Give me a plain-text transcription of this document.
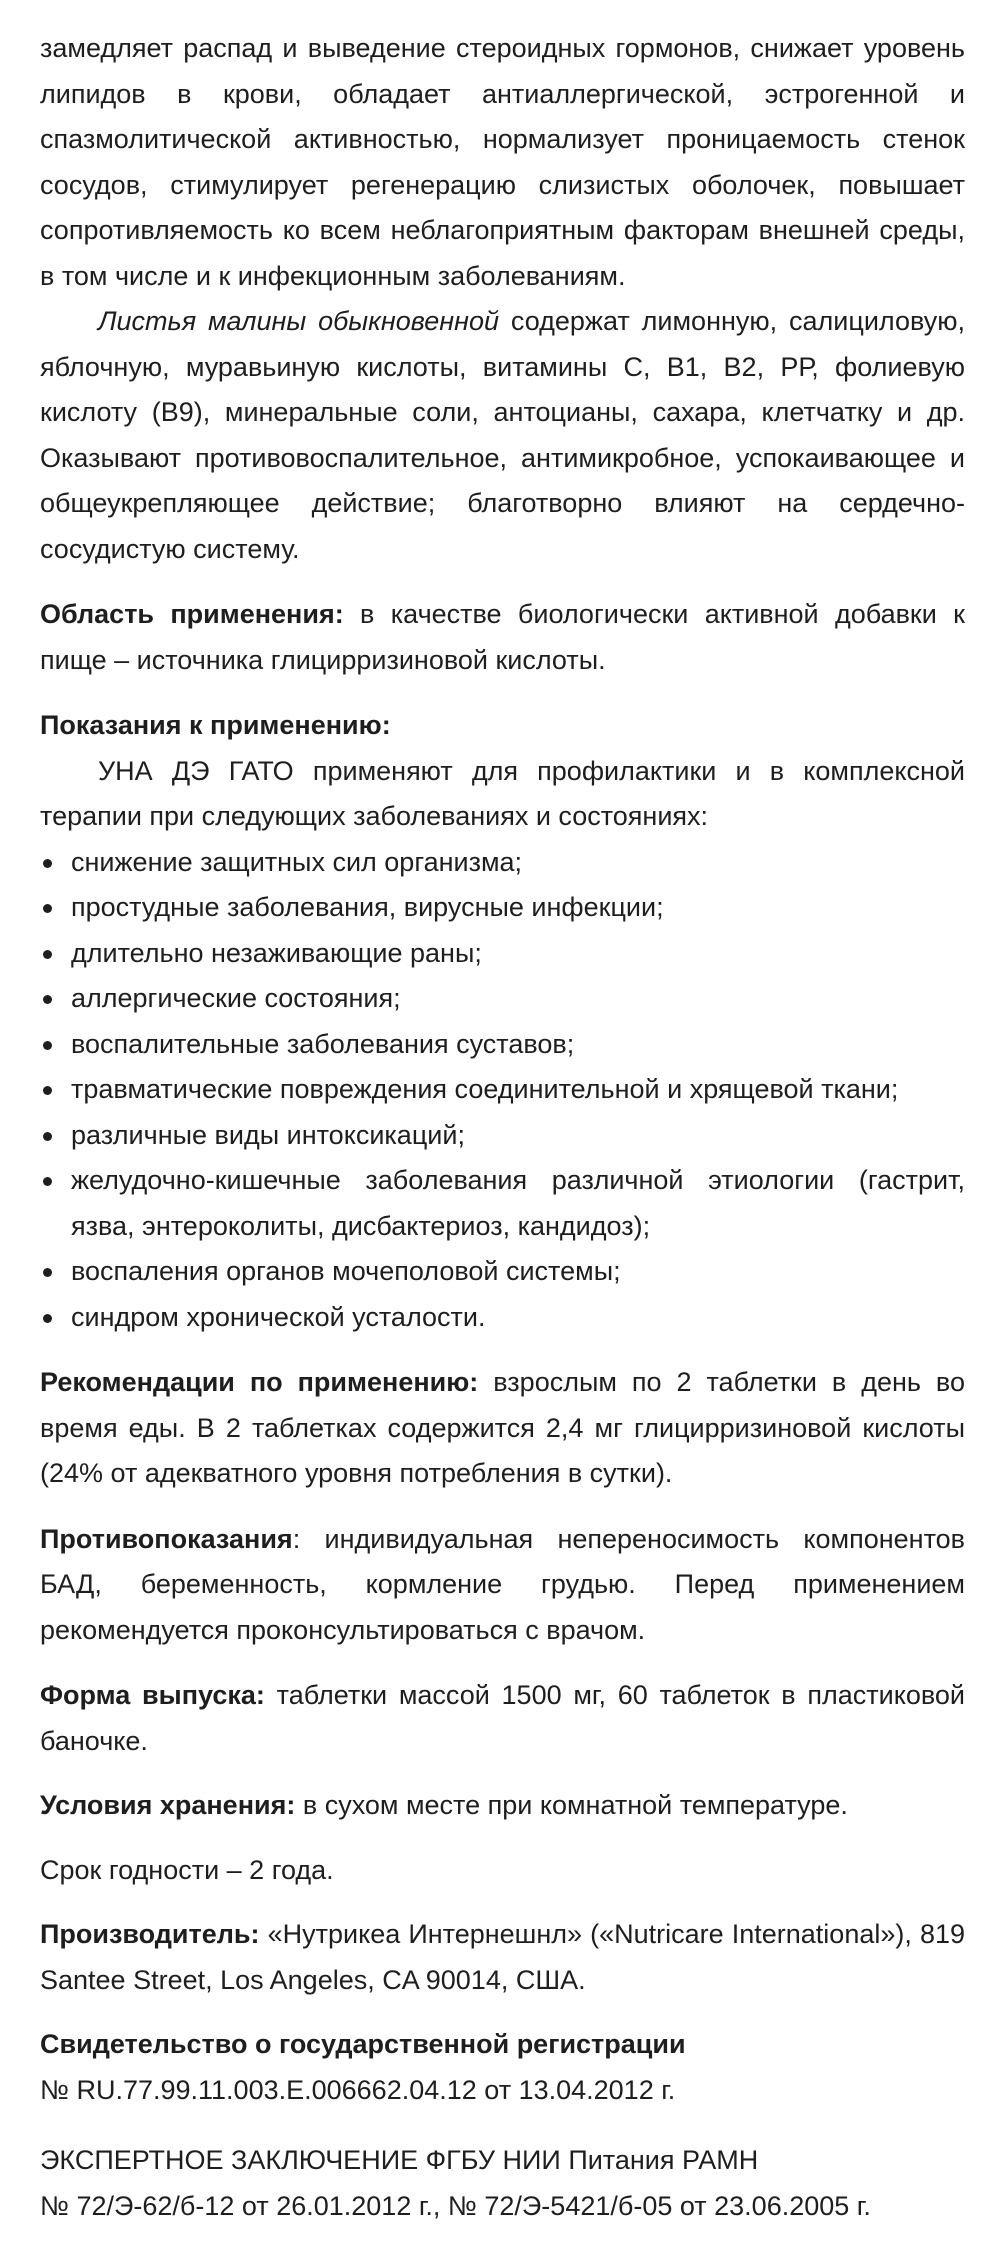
замедляет распад и выведение стероидных гормонов, снижает уровень липидов в крови, обладает антиаллергической, эстрогенной и спазмолитической активностью, нормализует проницаемость стенок сосудов, стимулирует регенерацию слизистых оболочек, повышает сопротивляемость ко всем неблагоприятным факторам внешней среды, в том числе и к инфекционным заболеваниям.

Листья малины обыкновенной содержат лимонную, салициловую, яблочную, муравьиную кислоты, витамины С, В1, В2, РР, фолиевую кислоту (В9), минеральные соли, антоцианы, сахара, клетчатку и др. Оказывают противовоспалительное, антимикробное, успокаивающее и общеукрепляющее действие; благотворно влияют на сердечно-сосудистую систему.

Область применения: в качестве биологически активной добавки к пище – источника глицирризиновой кислоты.

Показания к применению:

УНА ДЭ ГАТО применяют для профилактики и в комплексной терапии при следующих заболеваниях и состояниях:

снижение защитных сил организма;
простудные заболевания, вирусные инфекции;
длительно незаживающие раны;
аллергические состояния;
воспалительные заболевания суставов;
травматические повреждения соединительной и хрящевой ткани;
различные виды интоксикаций;
желудочно-кишечные заболевания различной этиологии (гастрит, язва, энтероколиты, дисбактериоз, кандидоз);
воспаления органов мочеполовой системы;
синдром хронической усталости.

Рекомендации по применению: взрослым по 2 таблетки в день во время еды. В 2 таблетках содержится 2,4 мг глицирризиновой кислоты (24% от адекватного уровня потребления в сутки).

Противопоказания: индивидуальная непереносимость компонентов БАД, беременность, кормление грудью. Перед применением рекомендуется проконсультироваться с врачом.

Форма выпуска: таблетки массой 1500 мг, 60 таблеток в пластиковой баночке.

Условия хранения: в сухом месте при комнатной температуре.

Срок годности – 2 года.

Производитель: «Нутрикеа Интернешнл» («Nutricare International»), 819 Santee Street, Los Angeles, CA 90014, США.

Свидетельство о государственной регистрации

№ RU.77.99.11.003.Е.006662.04.12 от 13.04.2012 г.

ЭКСПЕРТНОЕ ЗАКЛЮЧЕНИЕ ФГБУ НИИ Питания РАМН

№ 72/Э-62/б-12 от 26.01.2012 г., № 72/Э-5421/б-05 от 23.06.2005 г.
